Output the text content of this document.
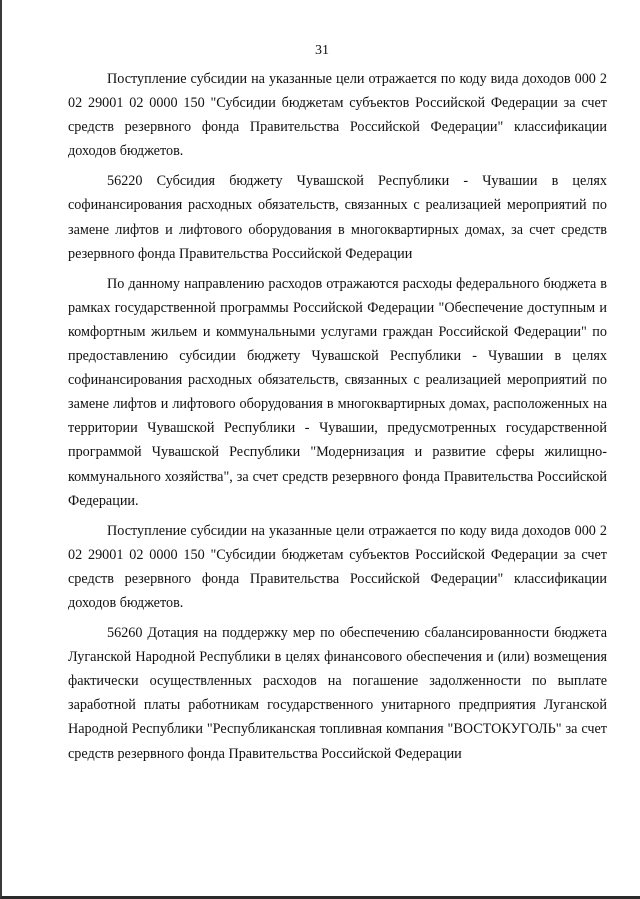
31

Поступление субсидии на указанные цели отражается по коду вида доходов 000 2 02 29001 02 0000 150 "Субсидии бюджетам субъектов Российской Федерации за счет средств резервного фонда Правительства Российской Федерации" классификации доходов бюджетов.

56220 Субсидия бюджету Чувашской Республики - Чувашии в целях софинансирования расходных обязательств, связанных с реализацией мероприятий по замене лифтов и лифтового оборудования в многоквартирных домах, за счет средств резервного фонда Правительства Российской Федерации

По данному направлению расходов отражаются расходы федерального бюджета в рамках государственной программы Российской Федерации "Обеспечение доступным и комфортным жильем и коммунальными услугами граждан Российской Федерации" по предоставлению субсидии бюджету Чувашской Республики - Чувашии в целях софинансирования расходных обязательств, связанных с реализацией мероприятий по замене лифтов и лифтового оборудования в многоквартирных домах, расположенных на территории Чувашской Республики - Чувашии, предусмотренных государственной программой Чувашской Республики "Модернизация и развитие сферы жилищно-коммунального хозяйства", за счет средств резервного фонда Правительства Российской Федерации.

Поступление субсидии на указанные цели отражается по коду вида доходов 000 2 02 29001 02 0000 150 "Субсидии бюджетам субъектов Российской Федерации за счет средств резервного фонда Правительства Российской Федерации" классификации доходов бюджетов.

56260 Дотация на поддержку мер по обеспечению сбалансированности бюджета Луганской Народной Республики в целях финансового обеспечения и (или) возмещения фактически осуществленных расходов на погашение задолженности по выплате заработной платы работникам государственного унитарного предприятия Луганской Народной Республики "Республиканская топливная компания "ВОСТОКУГОЛЬ" за счет средств резервного фонда Правительства Российской Федерации
